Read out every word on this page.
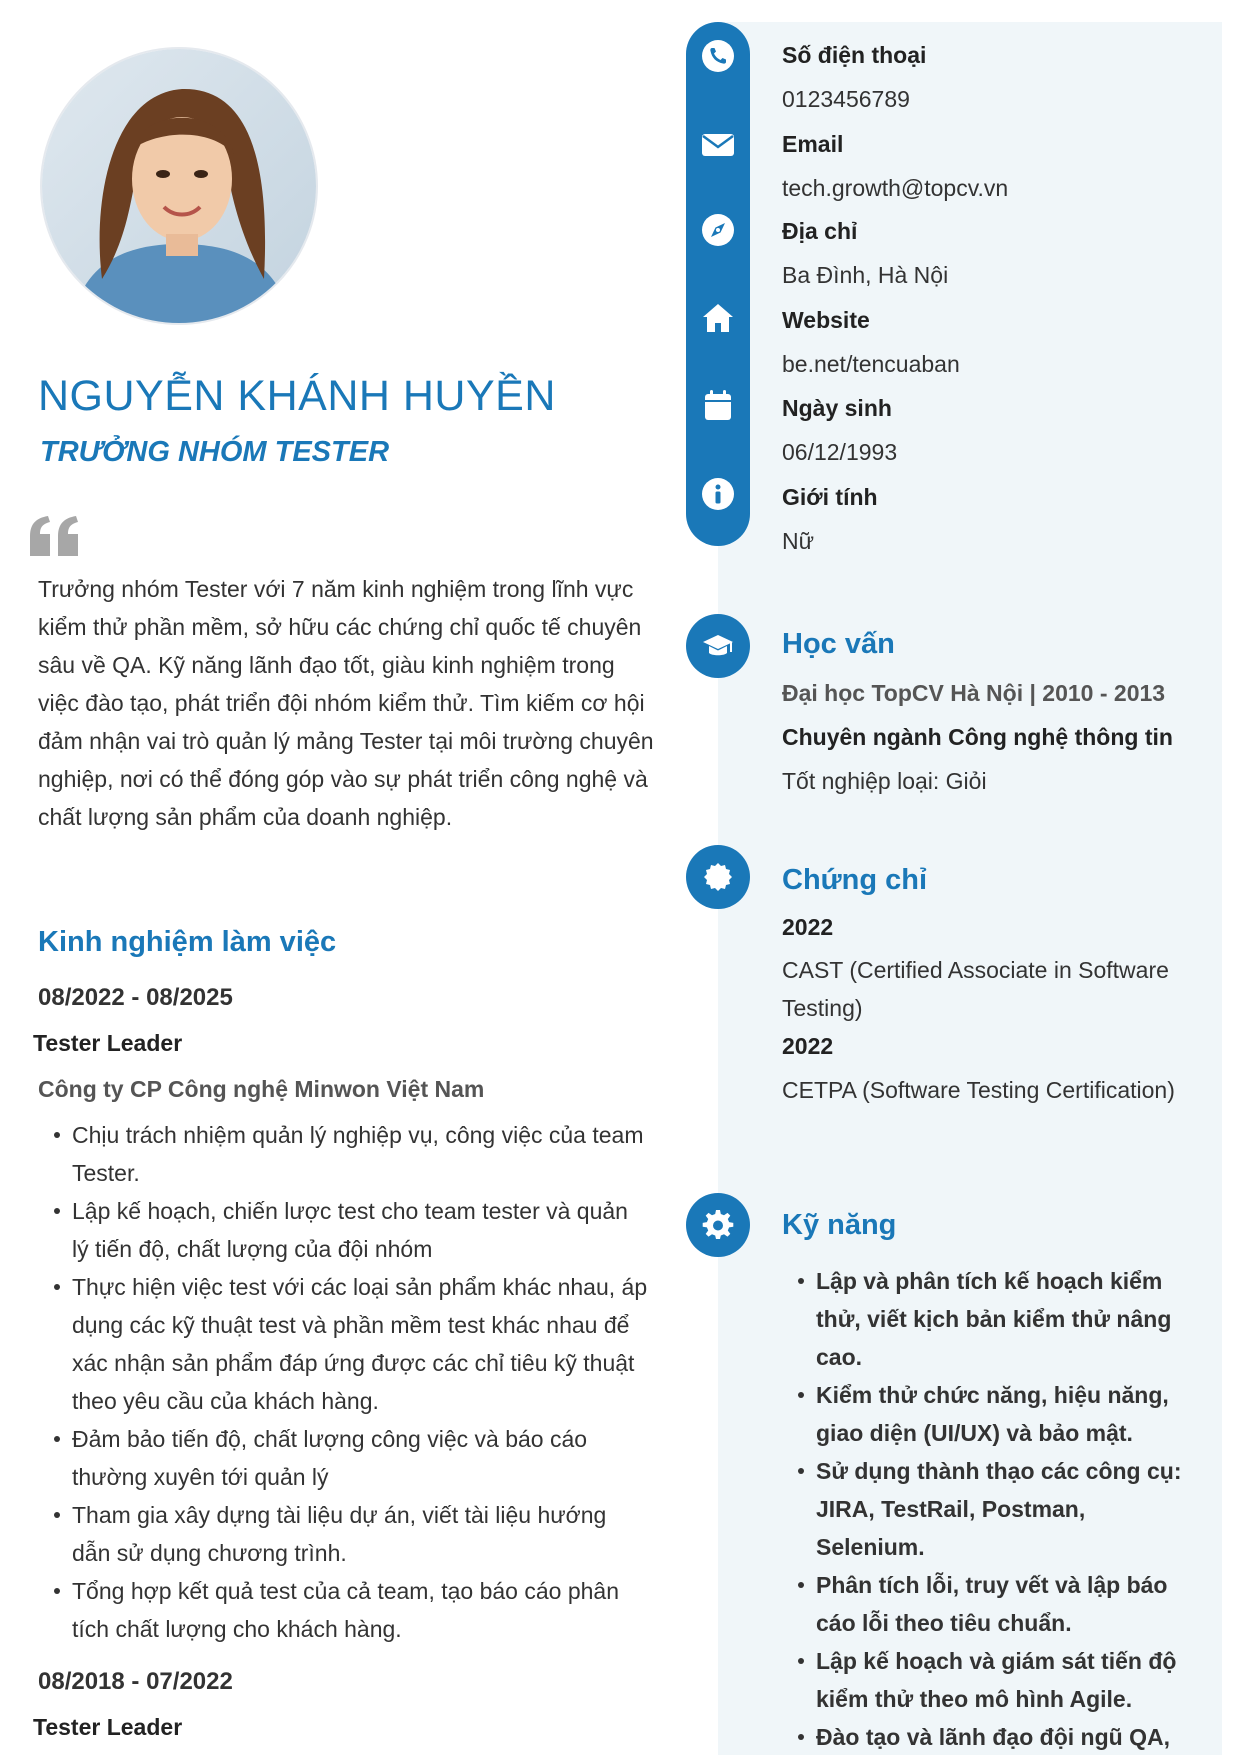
NGUYỄN KHÁNH HUYỀN
TRƯỞNG NHÓM TESTER

Trưởng nhóm Tester với 7 năm kinh nghiệm trong lĩnh vực kiểm thử phần mềm, sở hữu các chứng chỉ quốc tế chuyên sâu về QA. Kỹ năng lãnh đạo tốt, giàu kinh nghiệm trong việc đào tạo, phát triển đội nhóm kiểm thử. Tìm kiếm cơ hội đảm nhận vai trò quản lý mảng Tester tại môi trường chuyên nghiệp, nơi có thể đóng góp vào sự phát triển công nghệ và chất lượng sản phẩm của doanh nghiệp.

Kinh nghiệm làm việc

08/2022 - 08/2025

Tester Leader

Công ty CP Công nghệ Minwon Việt Nam

Chịu trách nhiệm quản lý nghiệp vụ, công việc của team Tester.
Lập kế hoạch, chiến lược test cho team tester và quản lý tiến độ, chất lượng của đội nhóm
Thực hiện việc test với các loại sản phẩm khác nhau, áp dụng các kỹ thuật test và phần mềm test khác nhau để xác nhận sản phẩm đáp ứng được các chỉ tiêu kỹ thuật theo yêu cầu của khách hàng.
Đảm bảo tiến độ, chất lượng công việc và báo cáo thường xuyên tới quản lý
Tham gia xây dựng tài liệu dự án, viết tài liệu hướng dẫn sử dụng chương trình.
Tổng hợp kết quả test của cả team, tạo báo cáo phân tích chất lượng cho khách hàng.

08/2018 - 07/2022

Tester Leader

Số điện thoại

0123456789

Email

tech.growth@topcv.vn

Địa chỉ

Ba Đình, Hà Nội

Website

be.net/tencuaban

Ngày sinh

06/12/1993

Giới tính

Nữ

Học vấn

Đại học TopCV Hà Nội | 2010 - 2013

Chuyên ngành Công nghệ thông tin

Tốt nghiệp loại: Giỏi

Chứng chỉ

2022

CAST (Certified Associate in Software Testing)

2022

CETPA (Software Testing Certification)

Kỹ năng
Lập và phân tích kế hoạch kiểm thử, viết kịch bản kiểm thử nâng cao.
Kiểm thử chức năng, hiệu năng, giao diện (UI/UX) và bảo mật.
Sử dụng thành thạo các công cụ: JIRA, TestRail, Postman, Selenium.
Phân tích lỗi, truy vết và lập báo cáo lỗi theo tiêu chuẩn.
Lập kế hoạch và giám sát tiến độ kiểm thử theo mô hình Agile.
Đào tạo và lãnh đạo đội ngũ QA,
